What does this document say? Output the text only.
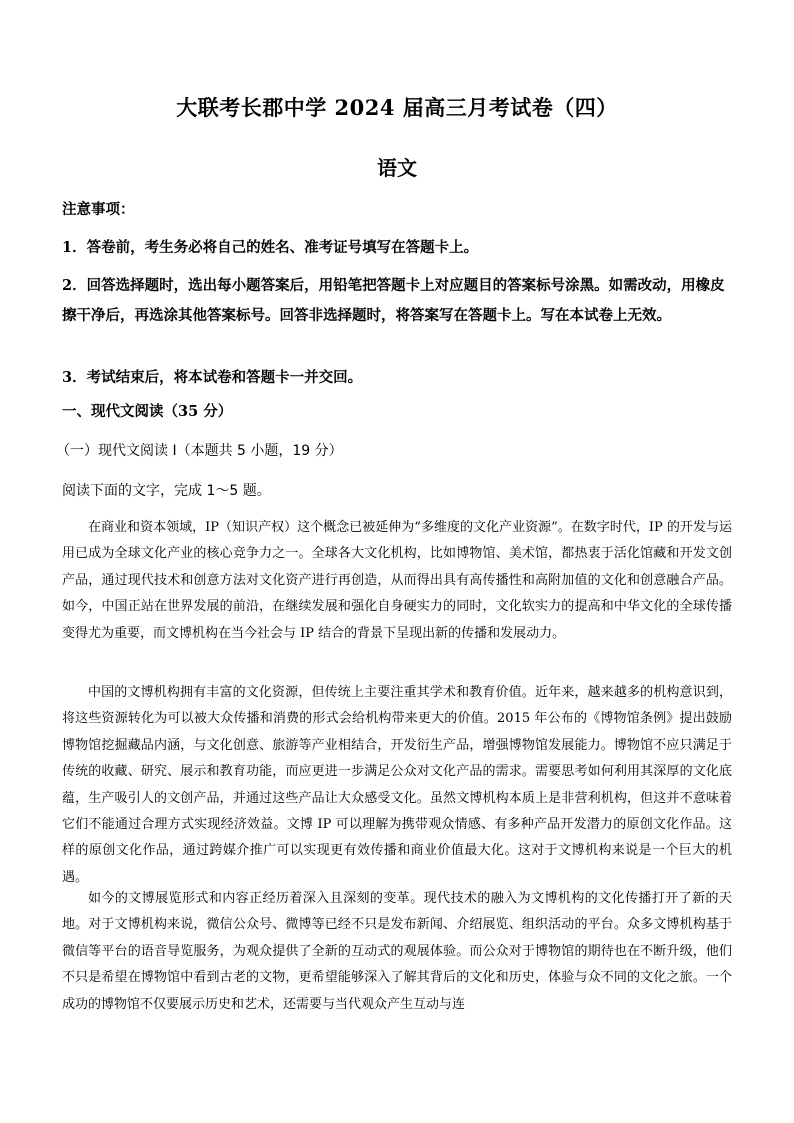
大联考长郡中学 2024 届高三月考试卷（四）
语文
注意事项：

1．答卷前，考生务必将自己的姓名、准考证号填写在答题卡上。

2．回答选择题时，选出每小题答案后，用铅笔把答题卡上对应题目的答案标号涂黑。如需改动，用橡皮擦干净后，再选涂其他答案标号。回答非选择题时，将答案写在答题卡上。写在本试卷上无效。

3．考试结束后，将本试卷和答题卡一并交回。

一、现代文阅读（35 分）
（一）现代文阅读 I（本题共 5 小题，19 分）
阅读下面的文字，完成 1～5 题。

在商业和资本领域，IP（知识产权）这个概念已被延伸为“多维度的文化产业资源”。在数字时代，IP 的开发与运用已成为全球文化产业的核心竞争力之一。全球各大文化机构，比如博物馆、美术馆，都热衷于活化馆藏和开发文创产品，通过现代技术和创意方法对文化资产进行再创造，从而得出具有高传播性和高附加值的文化和创意融合产品。如今，中国正站在世界发展的前沿，在继续发展和强化自身硬实力的同时，文化软实力的提高和中华文化的全球传播变得尤为重要，而文博机构在当今社会与 IP 结合的背景下呈现出新的传播和发展动力。

中国的文博机构拥有丰富的文化资源，但传统上主要注重其学术和教育价值。近年来，越来越多的机构意识到，将这些资源转化为可以被大众传播和消费的形式会给机构带来更大的价值。2015 年公布的《博物馆条例》提出鼓励博物馆挖掘藏品内涵，与文化创意、旅游等产业相结合，开发衍生产品，增强博物馆发展能力。博物馆不应只满足于传统的收藏、研究、展示和教育功能，而应更进一步满足公众对文化产品的需求。需要思考如何利用其深厚的文化底蕴，生产吸引人的文创产品，并通过这些产品让大众感受文化。虽然文博机构本质上是非营利机构，但这并不意味着它们不能通过合理方式实现经济效益。文博 IP 可以理解为携带观众情感、有多种产品开发潜力的原创文化作品。这样的原创文化作品，通过跨媒介推广可以实现更有效传播和商业价值最大化。这对于文博机构来说是一个巨大的机遇。

如今的文博展览形式和内容正经历着深入且深刻的变革。现代技术的融入为文博机构的文化传播打开了新的天地。对于文博机构来说，微信公众号、微博等已经不只是发布新闻、介绍展览、组织活动的平台。众多文博机构基于微信等平台的语音导览服务，为观众提供了全新的互动式的观展体验。而公众对于博物馆的期待也在不断升级，他们不只是希望在博物馆中看到古老的文物，更希望能够深入了解其背后的文化和历史，体验与众不同的文化之旅。一个成功的博物馆不仅要展示历史和艺术，还需要与当代观众产生互动与连
